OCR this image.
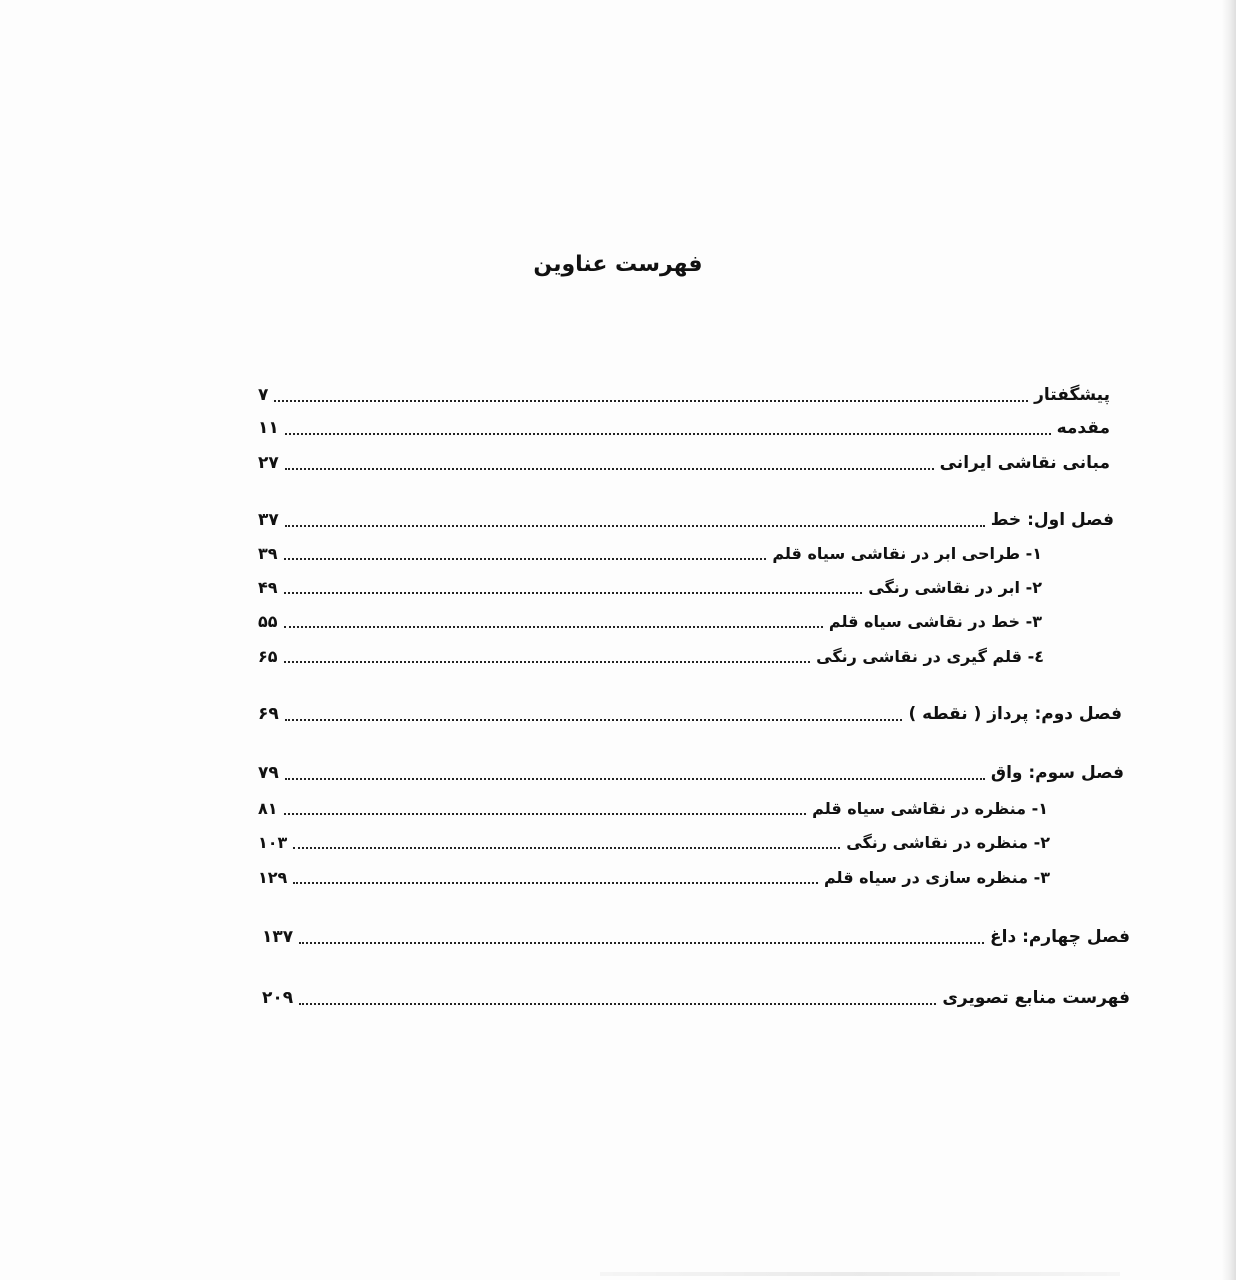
فهرست عناوین
پیشگفتار
۷
مقدمه
۱۱
مبانی نقاشی ایرانی
۲۷
فصل اول: خط
۳۷
۱- طراحی ابر در نقاشی سیاه قلم
۳۹
۲- ابر در نقاشی رنگی
۴۹
۳- خط در نقاشی سیاه قلم
۵۵
٤- قلم گیری در نقاشی رنگی
۶۵
فصل دوم: پرداز ( نقطه )
۶۹
فصل سوم: واق
۷۹
۱- منظره در نقاشی سیاه قلم
۸۱
۲- منظره در نقاشی رنگی
۱۰۳
۳- منظره سازی در سیاه قلم
۱۲۹
فصل چهارم: داغ
۱۳۷
فهرست منابع تصویری
۲۰۹
